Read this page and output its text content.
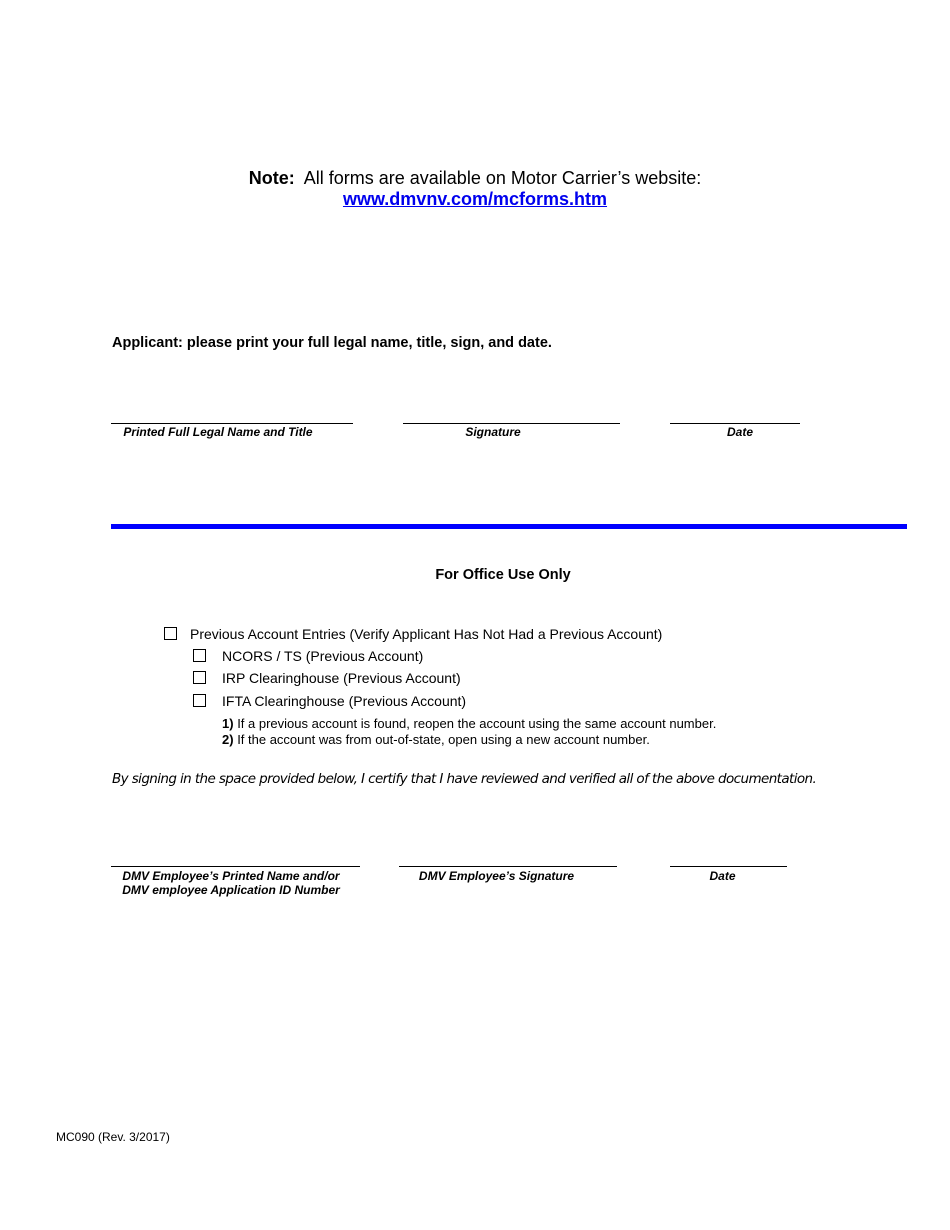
Note: All forms are available on Motor Carrier’s website:
www.dmvnv.com/mcforms.htm
Applicant: please print your full legal name, title, sign, and date.
Printed Full Legal Name and Title	Signature	Date
For Office Use Only
Previous Account Entries (Verify Applicant Has Not Had a Previous Account)
NCORS / TS (Previous Account)
IRP Clearinghouse (Previous Account)
IFTA Clearinghouse (Previous Account)
1) If a previous account is found, reopen the account using the same account number.
2) If the account was from out-of-state, open using a new account number.
By signing in the space provided below, I certify that I have reviewed and verified all of the above documentation.
DMV Employee’s Printed Name and/or
DMV employee Application ID Number
DMV Employee’s Signature	Date
MC090 (Rev. 3/2017)
